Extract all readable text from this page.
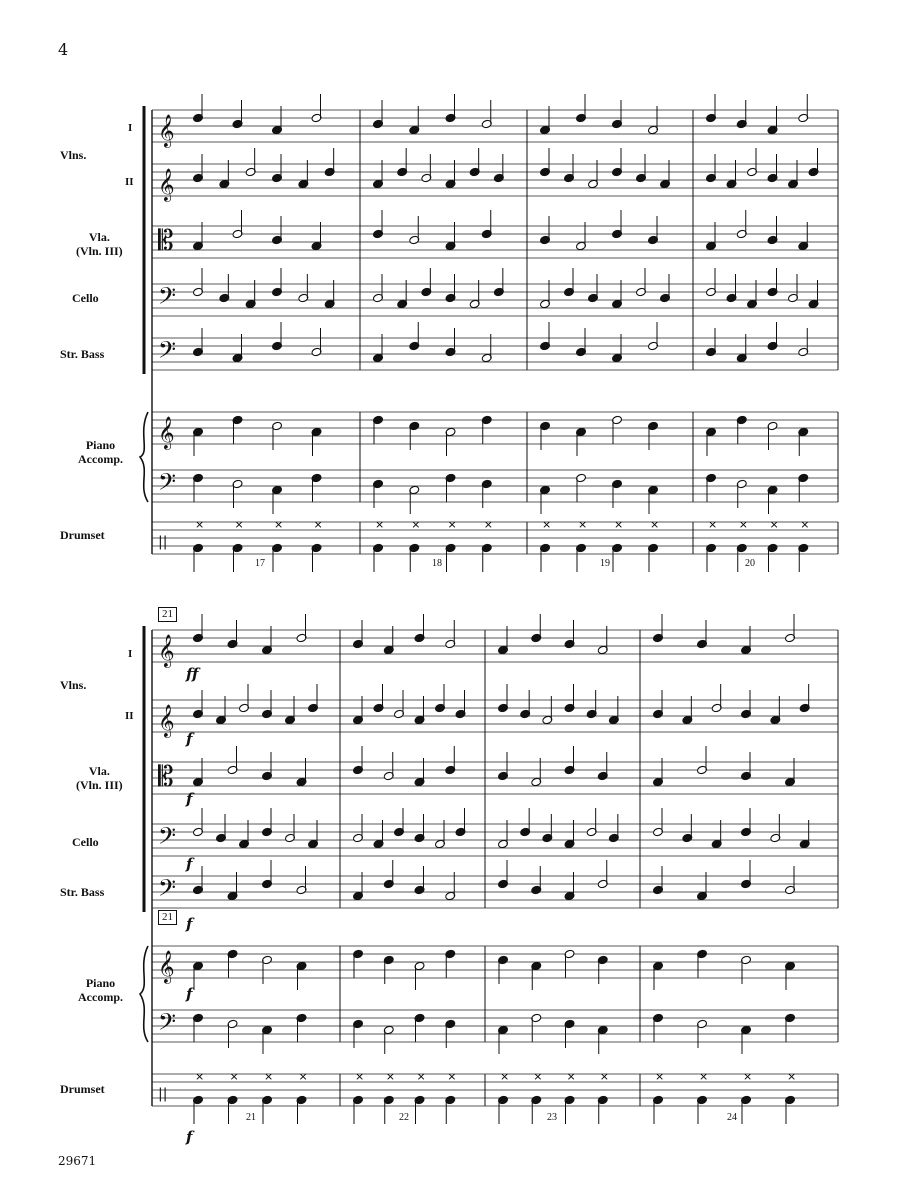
4
Vlns.
I
II
Vla.
(Vln. III)
Cello
Str. Bass
Piano
Accomp.
Drumset
Vlns.
I
II
Vla.
(Vln. III)
Cello
Str. Bass
Piano
Accomp.
Drumset
21
21
17	18	19	20
21	22	23	24
ff
f
f
f
f
f
f
29671
×	×	×	×	× × × ×	× × × ×	× × × ×
𝄞
𝄞
𝄡
𝄢
𝄢
𝄞
𝄢
||
× × × ×	× × × ×	× × × ×	×	×	×	×
𝄞
𝄞
𝄡
𝄢
𝄢
𝄞
𝄢
||
